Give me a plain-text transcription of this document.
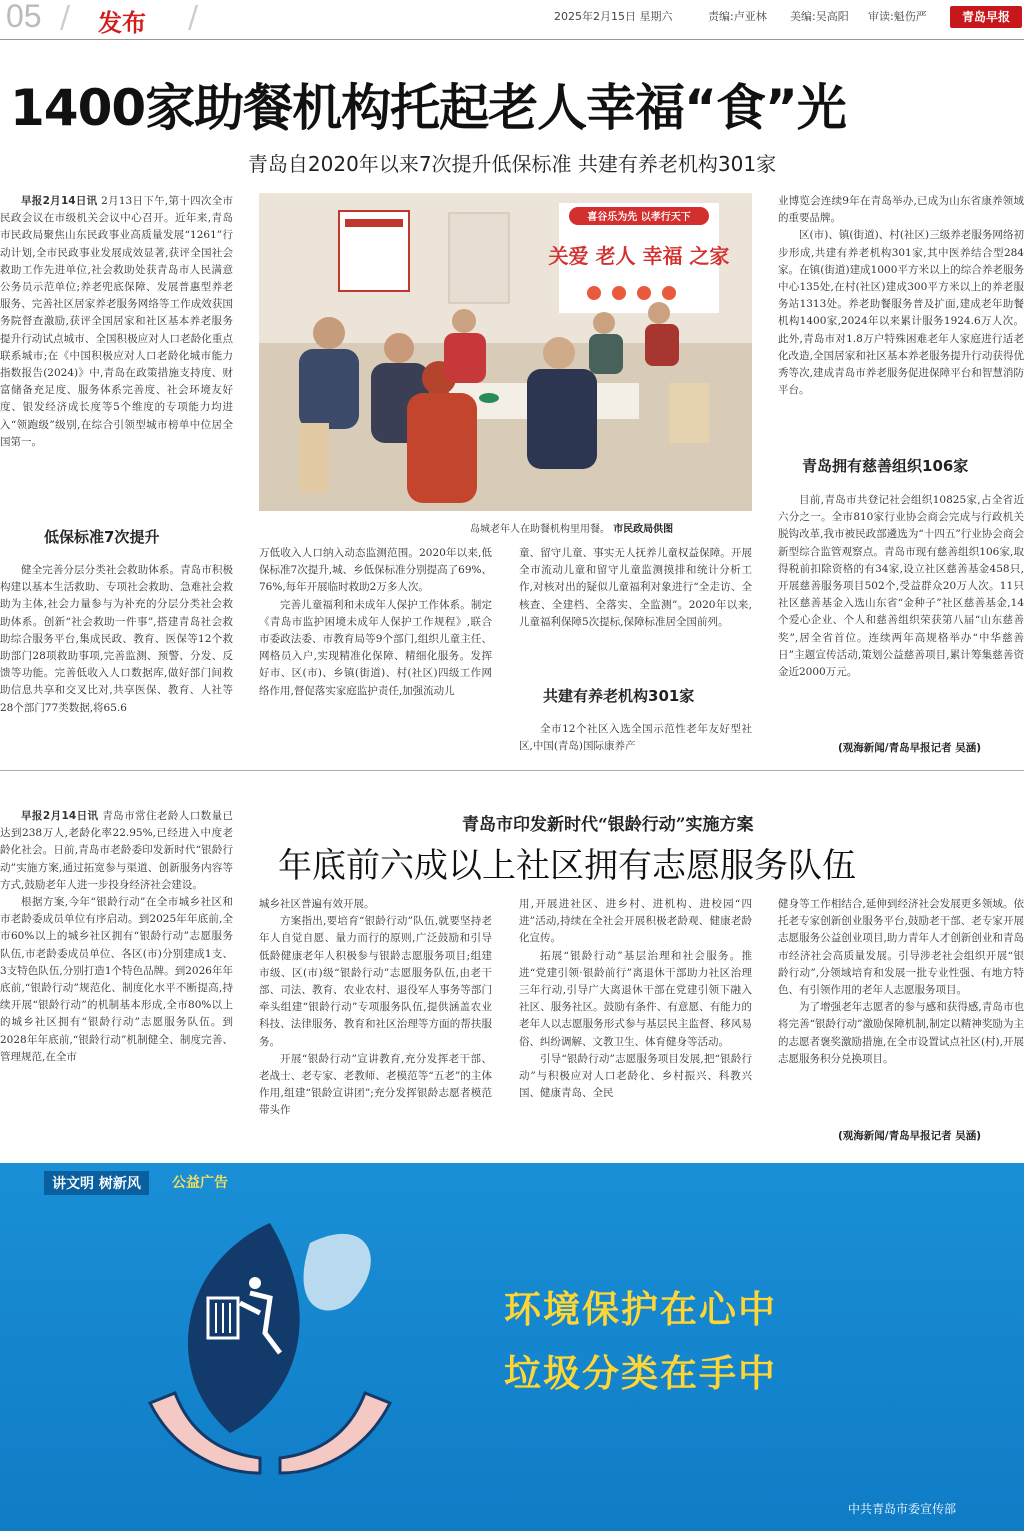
05 / 发布 /	2025年2月15日 星期六	责编:卢亚林 美编:吴高阳 审读:魁伤严	青岛早报
1400家助餐机构托起老人幸福“食”光
青岛自2020年以来7次提升低保标准 共建有养老机构301家

早报2月14日讯 2月13日下午,第十四次全市民政会议在市级机关会议中心召开。近年来,青岛市民政局聚焦山东民政事业高质量发展“1261”行动计划,全市民政事业发展成效显著,获评全国社会救助工作先进单位,社会救助处获青岛市人民满意公务员示范单位;养老兜底保障、发展普惠型养老服务、完善社区居家养老服务网络等工作成效获国务院督查激励,获评全国居家和社区基本养老服务提升行动试点城市、全国积极应对人口老龄化重点联系城市;在《中国积极应对人口老龄化城市能力指数报告(2024)》中,青岛在政策措施支持度、财富储备充足度、服务体系完善度、社会环境友好度、银发经济成长度等5个维度的专项能力均进入“领跑级”级别,在综合引领型城市榜单中位居全国第一。

低保标准7次提升

健全完善分层分类社会救助体系。青岛市积极构建以基本生活救助、专项社会救助、急难社会救助为主体,社会力量参与为补充的分层分类社会救助体系。创新“社会救助一件事”,搭建青岛社会救助综合服务平台,集成民政、教育、医保等12个救助部门28项救助事项,完善监测、预警、分发、反馈等功能。完善低收入人口数据库,做好部门间救助信息共享和交叉比对,共享医保、教育、人社等28个部门77类数据,将65.6

喜谷乐为先 以孝行天下
关爱 老人 幸福 之家
岛城老年人在助餐机构里用餐。 市民政局供图

万低收入人口纳入动态监测范围。2020年以来,低保标准7次提升,城、乡低保标准分别提高了69%、76%,每年开展临时救助2万多人次。

完善儿童福利和未成年人保护工作体系。制定《青岛市监护困境未成年人保护工作规程》,联合市委政法委、市教育局等9个部门,组织儿童主任、网格员入户,实现精准化保障、精细化服务。发挥好市、区(市)、乡镇(街道)、村(社区)四级工作网络作用,督促落实家庭监护责任,加强流动儿

童、留守儿童、事实无人抚养儿童权益保障。开展全市流动儿童和留守儿童监测摸排和统计分析工作,对核对出的疑似儿童福利对象进行“全走访、全核查、全建档、全落实、全监测”。2020年以来,儿童福利保障5次提标,保障标准居全国前列。

共建有养老机构301家

全市12个社区入选全国示范性老年友好型社区,中国(青岛)国际康养产

业博览会连续9年在青岛举办,已成为山东省康养领域的重要品牌。

区(市)、镇(街道)、村(社区)三级养老服务网络初步形成,共建有养老机构301家,其中医养结合型284家。在镇(街道)建成1000平方米以上的综合养老服务中心135处,在村(社区)建成300平方米以上的养老服务站1313处。养老助餐服务普及扩面,建成老年助餐机构1400家,2024年以来累计服务1924.6万人次。此外,青岛市对1.8万户特殊困难老年人家庭进行适老化改造,全国居家和社区基本养老服务提升行动获得优秀等次,建成青岛市养老服务促进保障平台和智慧消防平台。

青岛拥有慈善组织106家

目前,青岛市共登记社会组织10825家,占全省近六分之一。全市810家行业协会商会完成与行政机关脱钩改革,我市被民政部遴选为“十四五”行业协会商会新型综合监管观察点。青岛市现有慈善组织106家,取得税前扣除资格的有34家,设立社区慈善基金458只,开展慈善服务项目502个,受益群众20万人次。11只社区慈善基金入选山东省“金种子”社区慈善基金,14个爱心企业、个人和慈善组织荣获第八届“山东慈善奖”,居全省首位。连续两年高规格举办“中华慈善日”主题宣传活动,策划公益慈善项目,累计筹集慈善资金近2000万元。

(观海新闻/青岛早报记者 吴涵)
青岛市印发新时代“银龄行动”实施方案
年底前六成以上社区拥有志愿服务队伍

早报2月14日讯 青岛市常住老龄人口数量已达到238万人,老龄化率22.95%,已经进入中度老龄化社会。日前,青岛市老龄委印发新时代“银龄行动”实施方案,通过拓宽参与渠道、创新服务内容等方式,鼓励老年人进一步投身经济社会建设。

根据方案,今年“银龄行动”在全市城乡社区和市老龄委成员单位有序启动。到2025年年底前,全市60%以上的城乡社区拥有“银龄行动”志愿服务队伍,市老龄委成员单位、各区(市)分别建成1支、3支特色队伍,分别打造1个特色品牌。到2026年年底前,“银龄行动”规范化、制度化水平不断提高,持续开展“银龄行动”的机制基本形成,全市80%以上的城乡社区拥有“银龄行动”志愿服务队伍。到2028年年底前,“银龄行动”机制健全、制度完善、管理规范,在全市

城乡社区普遍有效开展。

方案指出,要培育“银龄行动”队伍,就要坚持老年人自觉自愿、量力而行的原则,广泛鼓励和引导低龄健康老年人积极参与银龄志愿服务项目;组建市级、区(市)级“银龄行动”志愿服务队伍,由老干部、司法、教育、农业农村、退役军人事务等部门牵头组建“银龄行动”专项服务队伍,提供涵盖农业科技、法律服务、教育和社区治理等方面的帮扶服务。

开展“银龄行动”宣讲教育,充分发挥老干部、老战士、老专家、老教师、老模范等“五老”的主体作用,组建“银龄宣讲团”;充分发挥银龄志愿者模范带头作

用,开展进社区、进乡村、进机构、进校园“四进”活动,持续在全社会开展积极老龄观、健康老龄化宣传。

拓展“银龄行动”基层治理和社会服务。推进“党建引领·银龄前行”离退休干部助力社区治理三年行动,引导广大离退休干部在党建引领下融入社区、服务社区。鼓励有条件、有意愿、有能力的老年人以志愿服务形式参与基层民主监督、移风易俗、纠纷调解、文教卫生、体育健身等活动。

引导“银龄行动”志愿服务项目发展,把“银龄行动”与积极应对人口老龄化、乡村振兴、科教兴国、健康青岛、全民

健身等工作相结合,延伸到经济社会发展更多领域。依托老专家创新创业服务平台,鼓励老干部、老专家开展志愿服务公益创业项目,助力青年人才创新创业和青岛市经济社会高质量发展。引导涉老社会组织开展“银龄行动”,分领域培育和发展一批专业性强、有地方特色、有引领作用的老年人志愿服务项目。

为了增强老年志愿者的参与感和获得感,青岛市也将完善“银龄行动”激励保障机制,制定以精神奖励为主的志愿者褒奖激励措施,在全市设置试点社区(村),开展志愿服务积分兑换项目。

(观海新闻/青岛早报记者 吴涵)
讲文明 树新风	公益广告
环境保护在心中
垃圾分类在手中
中共青岛市委宣传部
